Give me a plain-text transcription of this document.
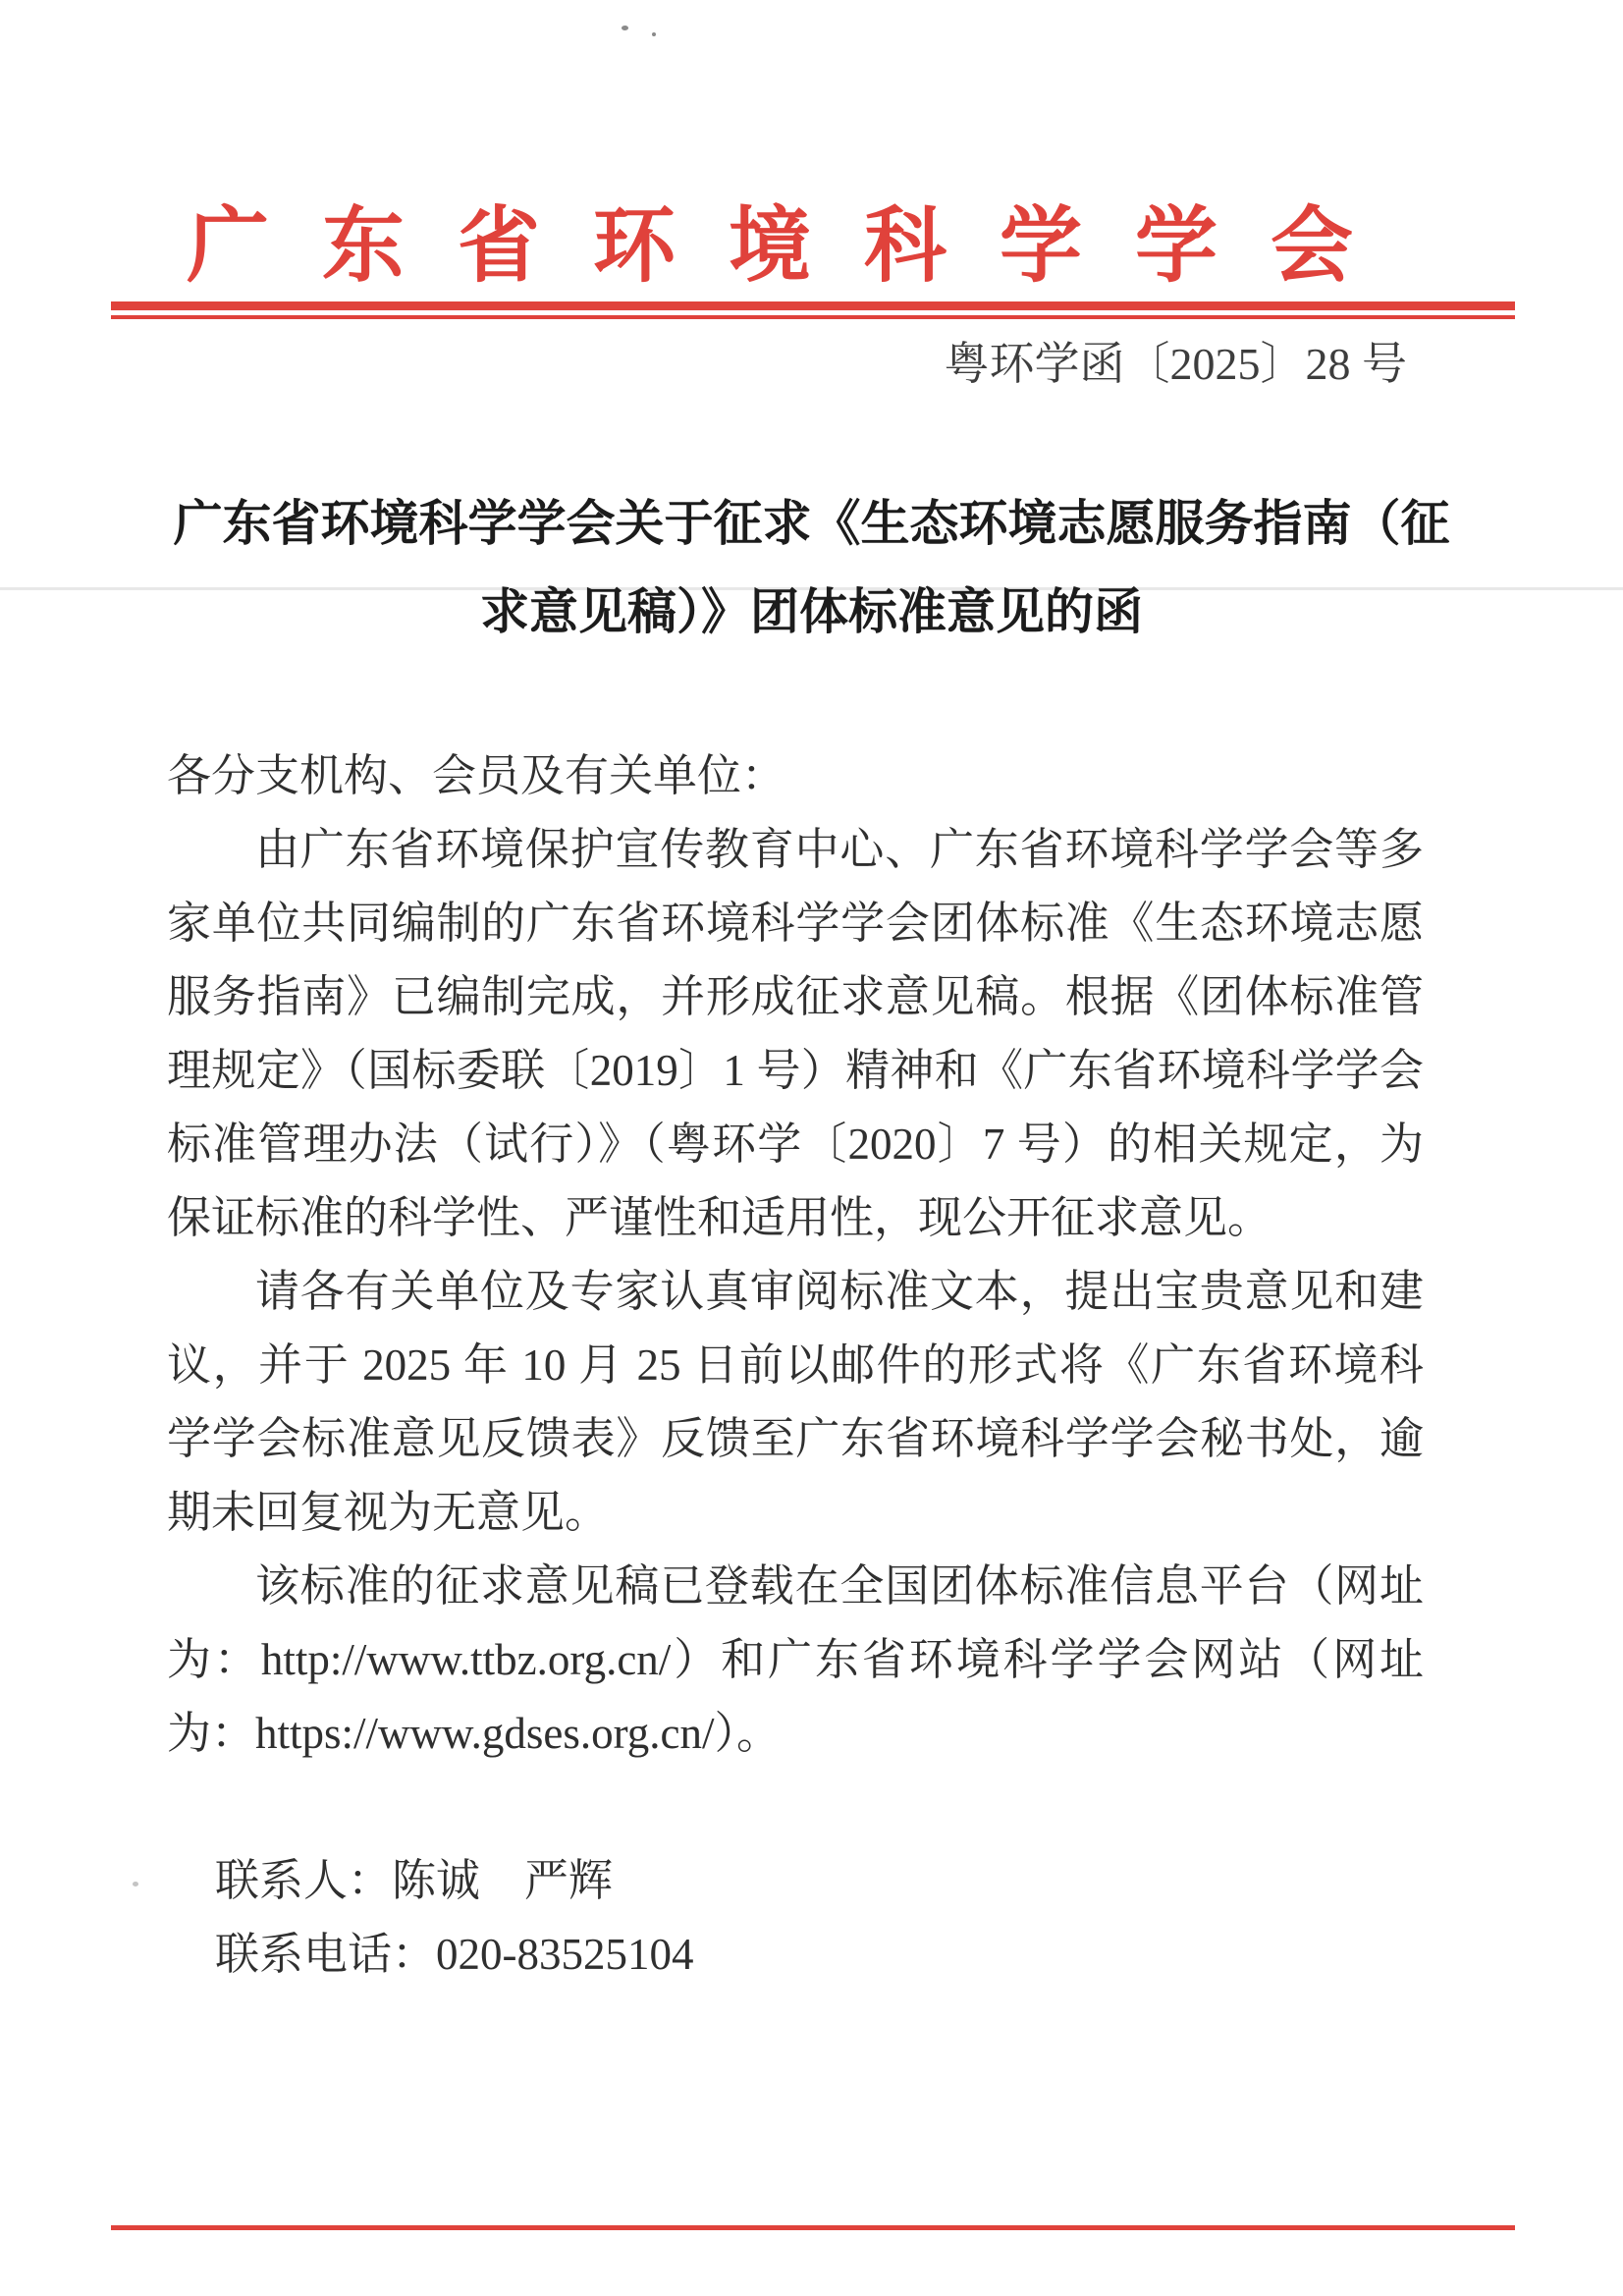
广东省环境科学学会
粤环学函〔2025〕28 号
广东省环境科学学会关于征求《生态环境志愿服务指南（征
求意见稿）》团体标准意见的函

各分支机构、会员及有关单位：

由广东省环境保护宣传教育中心、广东省环境科学学会等多家单位共同编制的广东省环境科学学会团体标准《生态环境志愿服务指南》已编制完成，并形成征求意见稿。根据《团体标准管理规定》（国标委联〔2019〕1 号）精神和《广东省环境科学学会标准管理办法（试行）》（粤环学〔2020〕7 号）的相关规定，为保证标准的科学性、严谨性和适用性，现公开征求意见。

请各有关单位及专家认真审阅标准文本，提出宝贵意见和建议，并于 2025 年 10 月 25 日前以邮件的形式将《广东省环境科学学会标准意见反馈表》反馈至广东省环境科学学会秘书处，逾期未回复视为无意见。

该标准的征求意见稿已登载在全国团体标准信息平台（网址为：http://www.ttbz.org.cn/）和广东省环境科学学会网站（网址为：https://www.gdses.org.cn/）。

联系人：陈诚　严辉
联系电话：020-83525104
